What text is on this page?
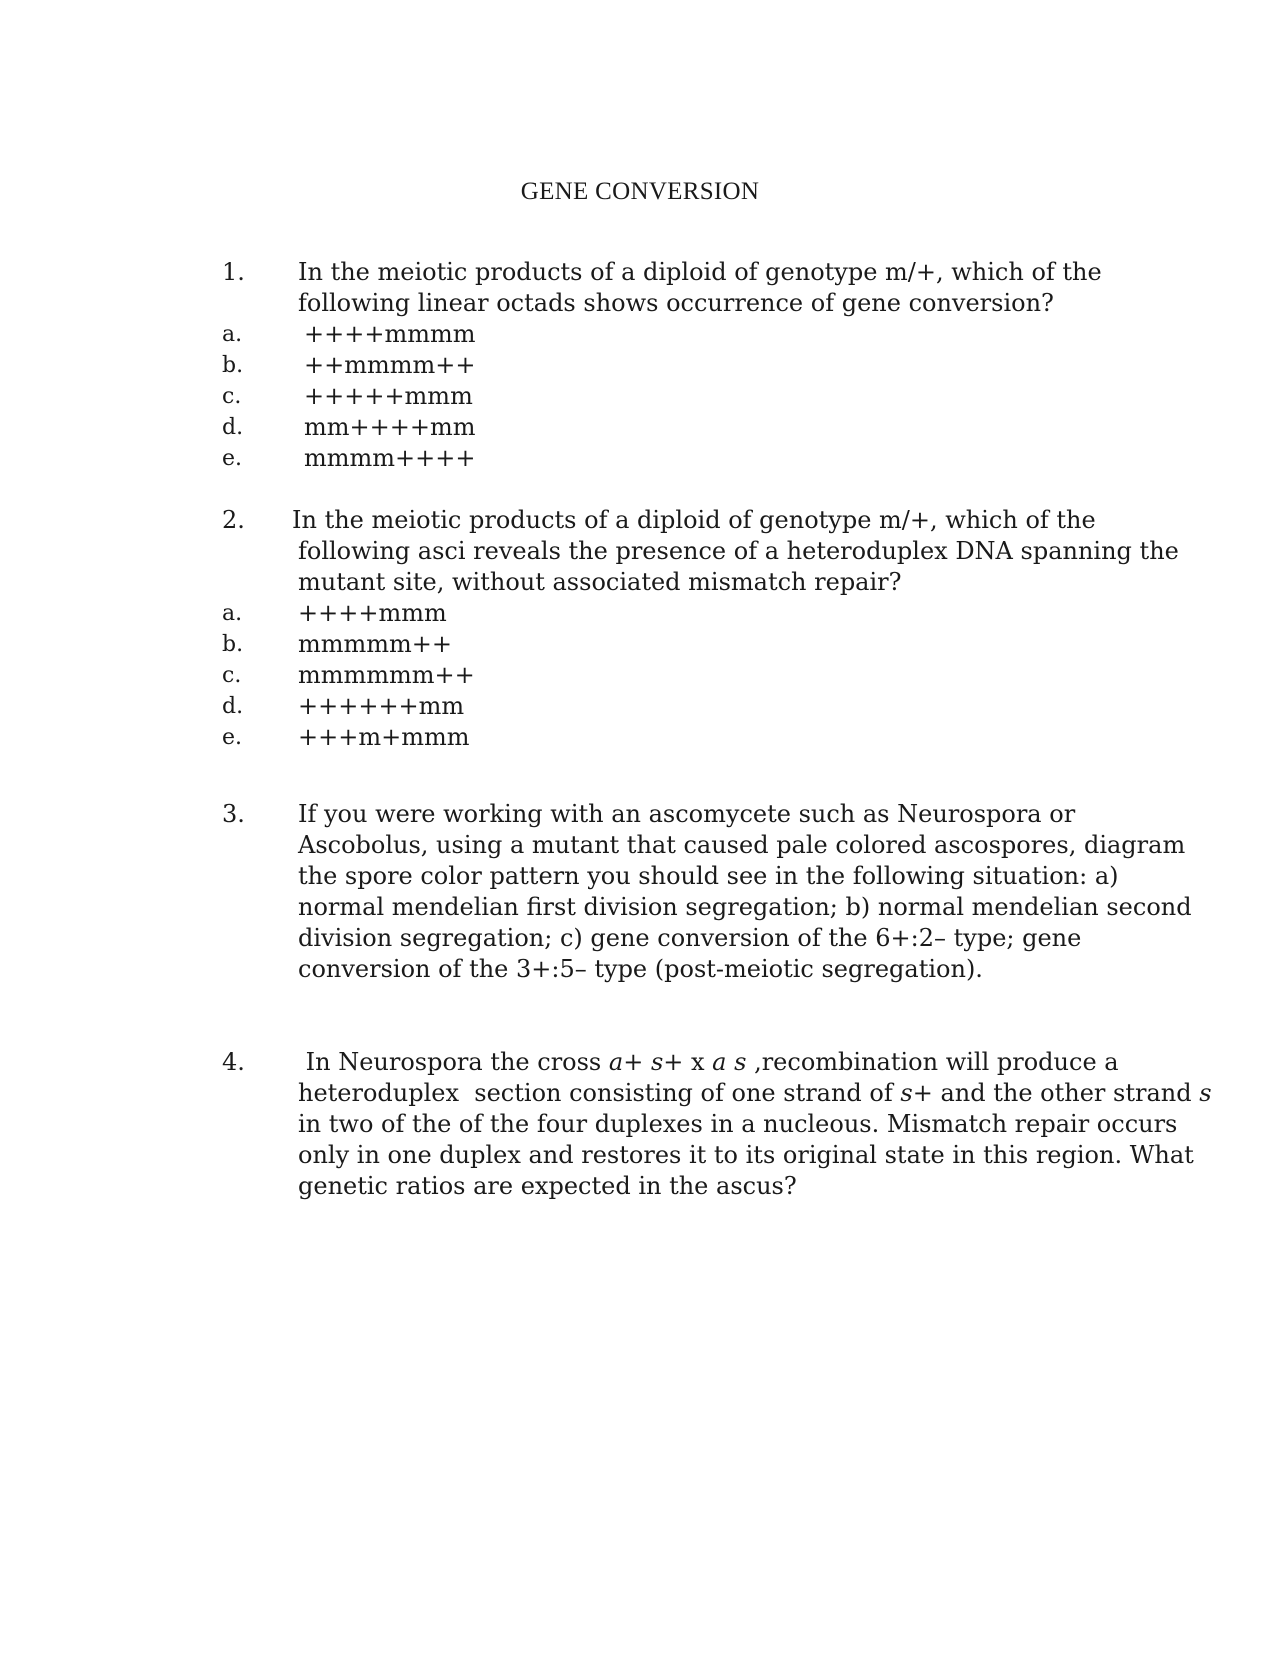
GENE CONVERSION
1.	In the meiotic products of a diploid of genotype m/+, which of the
following linear octads shows occurrence of gene conversion?
a.	++++mmmm
b.	++mmmm++
c.	+++++mmm
d.	mm++++mm
e.	mmmm++++
2.	In the meiotic products of a diploid of genotype m/+, which of the
following asci reveals the presence of a heteroduplex DNA spanning the
mutant site, without associated mismatch repair?
a.	++++mmm
b.	mmmmm++
c.	mmmmmm++
d.	++++++mm
e.	+++m+mmm
3.	If you were working with an ascomycete such as Neurospora or
Ascobolus, using a mutant that caused pale colored ascospores, diagram
the spore color pattern you should see in the following situation: a)
normal mendelian first division segregation; b) normal mendelian second
division segregation; c) gene conversion of the 6+:2– type; gene
conversion of the 3+:5– type (post-meiotic segregation).
4.	In Neurospora the cross a+ s+ x a s ,recombination will produce a
heteroduplex  section consisting of one strand of s+ and the other strand s
in two of the of the four duplexes in a nucleous. Mismatch repair occurs
only in one duplex and restores it to its original state in this region. What
genetic ratios are expected in the ascus?
